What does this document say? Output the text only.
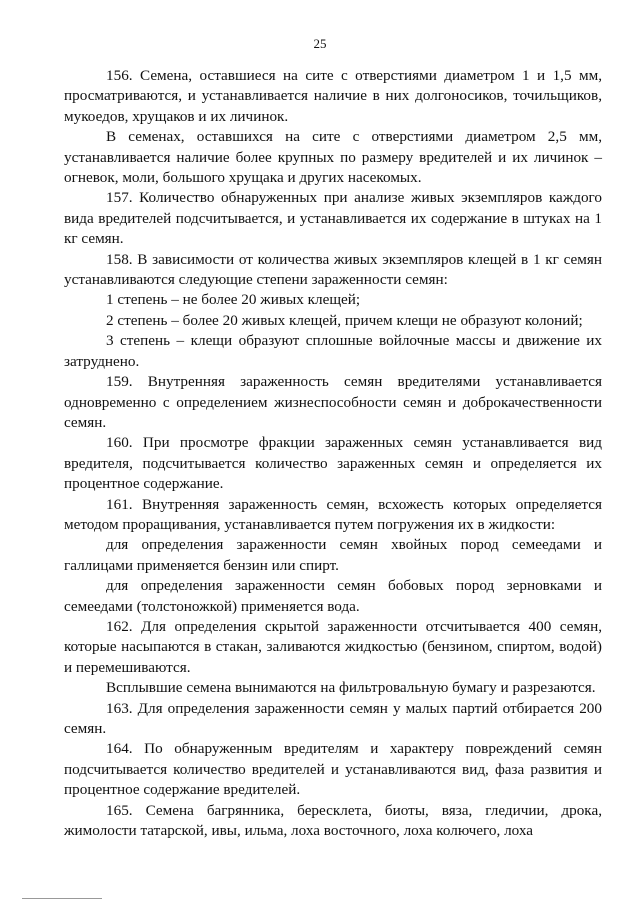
25

156. Семена, оставшиеся на сите с отверстиями диаметром 1 и 1,5 мм, просматриваются, и устанавливается наличие в них долгоносиков, точильщиков, мукоедов, хрущаков и их личинок.

В семенах, оставшихся на сите с отверстиями диаметром 2,5 мм, устанавливается наличие более крупных по размеру вредителей и их личинок – огневок, моли, большого хрущака и других насекомых.

157. Количество обнаруженных при анализе живых экземпляров каждого вида вредителей подсчитывается, и устанавливается их содержание в штуках на 1 кг семян.

158. В зависимости от количества живых экземпляров клещей в 1 кг семян устанавливаются следующие степени зараженности семян:

1 степень – не более 20 живых клещей;

2 степень – более 20 живых клещей, причем клещи не образуют колоний;

3 степень – клещи образуют сплошные войлочные массы и движение их затруднено.

159. Внутренняя зараженность семян вредителями устанавливается одновременно с определением жизнеспособности семян и доброкачественности семян.

160. При просмотре фракции зараженных семян устанавливается вид вредителя, подсчитывается количество зараженных семян и определяется их процентное содержание.

161. Внутренняя зараженность семян, всхожесть которых определяется методом проращивания, устанавливается путем погружения их в жидкости:

для определения зараженности семян хвойных пород семеедами и галлицами применяется бензин или спирт.

для определения зараженности семян бобовых пород зерновками и семеедами (толстоножкой) применяется вода.

162. Для определения скрытой зараженности отсчитывается 400 семян, которые насыпаются в стакан, заливаются жидкостью (бензином, спиртом, водой) и перемешиваются.

Всплывшие семена вынимаются на фильтровальную бумагу и разрезаются.

163. Для определения зараженности семян у малых партий отбирается 200 семян.

164. По обнаруженным вредителям и характеру повреждений семян подсчитывается количество вредителей и устанавливаются вид, фаза развития и процентное содержание вредителей.

165. Семена багрянника, бересклета, биоты, вяза, гледичии, дрока, жимолости татарской, ивы, ильма, лоха восточного, лоха колючего, лоха
